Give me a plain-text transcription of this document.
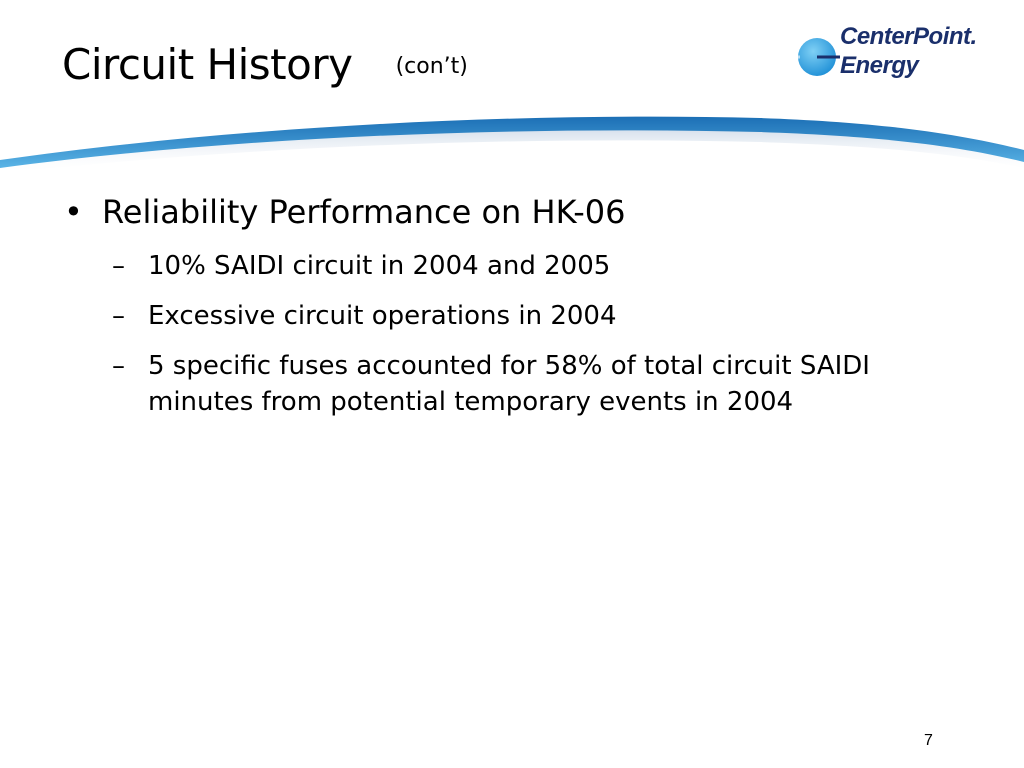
Circuit History (con’t)
CenterPoint.
Energy
• Reliability Performance on HK-06
– 10% SAIDI circuit in 2004 and 2005
– Excessive circuit operations in 2004
– 5 specific fuses accounted for 58% of total circuit SAIDI minutes from potential temporary events in 2004
7
